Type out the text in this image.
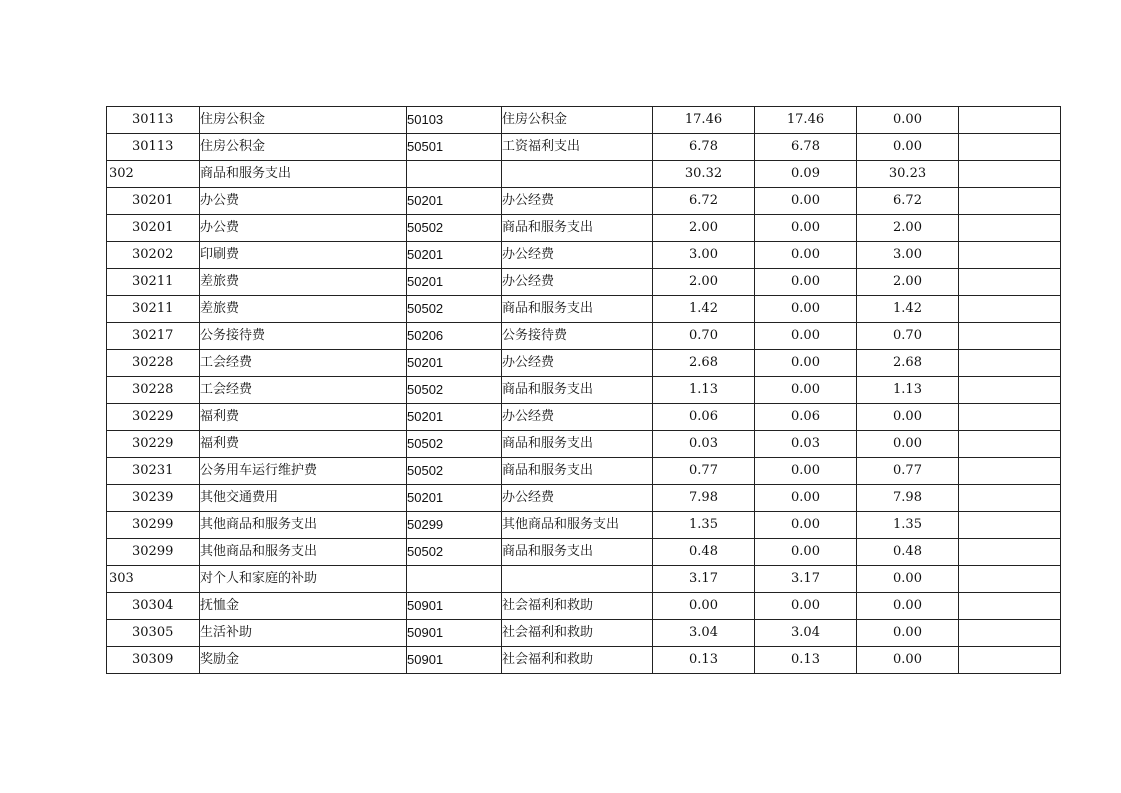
30113	住房公积金	50103	住房公积金	17.46	17.46	0.00	
30113	住房公积金	50501	工资福利支出	6.78	6.78	0.00	
302	商品和服务支出			30.32	0.09	30.23	
30201	办公费	50201	办公经费	6.72	0.00	6.72	
30201	办公费	50502	商品和服务支出	2.00	0.00	2.00	
30202	印刷费	50201	办公经费	3.00	0.00	3.00	
30211	差旅费	50201	办公经费	2.00	0.00	2.00	
30211	差旅费	50502	商品和服务支出	1.42	0.00	1.42	
30217	公务接待费	50206	公务接待费	0.70	0.00	0.70	
30228	工会经费	50201	办公经费	2.68	0.00	2.68	
30228	工会经费	50502	商品和服务支出	1.13	0.00	1.13	
30229	福利费	50201	办公经费	0.06	0.06	0.00	
30229	福利费	50502	商品和服务支出	0.03	0.03	0.00	
30231	公务用车运行维护费	50502	商品和服务支出	0.77	0.00	0.77	
30239	其他交通费用	50201	办公经费	7.98	0.00	7.98	
30299	其他商品和服务支出	50299	其他商品和服务支出	1.35	0.00	1.35	
30299	其他商品和服务支出	50502	商品和服务支出	0.48	0.00	0.48	
303	对个人和家庭的补助			3.17	3.17	0.00	
30304	抚恤金	50901	社会福利和救助	0.00	0.00	0.00	
30305	生活补助	50901	社会福利和救助	3.04	3.04	0.00	
30309	奖励金	50901	社会福利和救助	0.13	0.13	0.00	
